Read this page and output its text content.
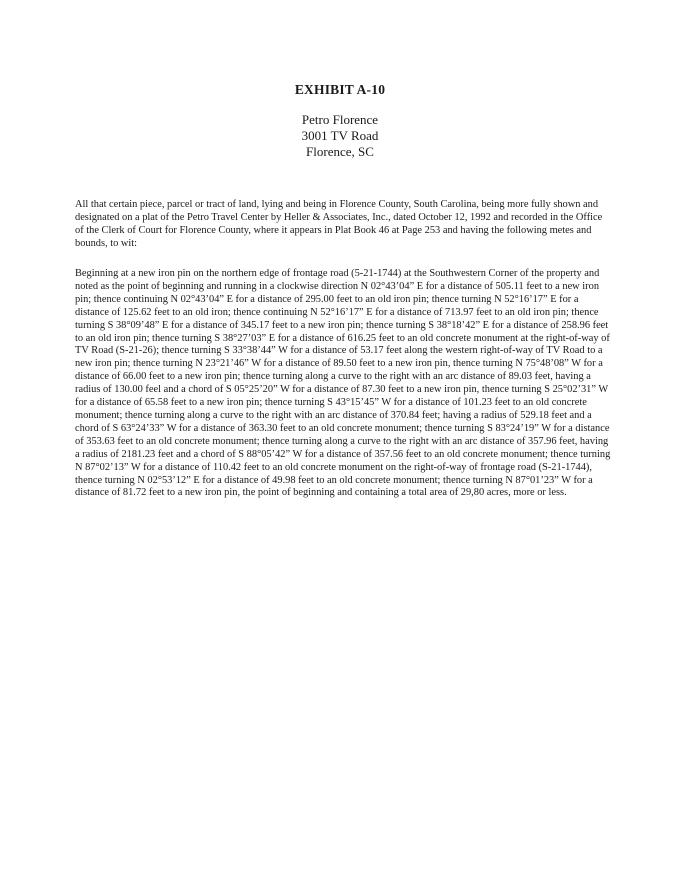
EXHIBIT A-10

Petro Florence

3001 TV Road

Florence, SC

All that certain piece, parcel or tract of land, lying and being in Florence County, South Carolina, being more fully shown and designated on a plat of the Petro Travel Center by Heller & Associates, Inc., dated October 12, 1992 and recorded in the Office of the Clerk of Court for Florence County, where it appears in Plat Book 46 at Page 253 and having the following metes and bounds, to wit:

Beginning at a new iron pin on the northern edge of frontage road (5-21-1744) at the Southwestern Corner of the property and noted as the point of beginning and running in a clockwise direction N 02°43’04” E for a distance of 505.11 feet to a new iron pin; thence continuing N 02°43’04” E for a distance of 295.00 feet to an old iron pin; thence turning N 52°16’17” E for a distance of 125.62 feet to an old iron; thence continuing N 52°16’17” E for a distance of 713.97 feet to an old iron pin; thence turning S 38°09’48” E for a distance of 345.17 feet to a new iron pin; thence turning S 38°18’42” E for a distance of 258.96 feet to an old iron pin; thence turning S 38°27’03” E for a distance of 616.25 feet to an old concrete monument at the right-of-way of TV Road (S-21-26); thence turning S 33°38’44” W for a distance of 53.17 feet along the western right-of-way of TV Road to a new iron pin; thence turning N 23°21’46” W for a distance of 89.50 feet to a new iron pin, thence turning N 75°48’08” W for a distance of 66.00 feet to a new iron pin; thence turning along a curve to the right with an arc distance of 89.03 feet, having a radius of 130.00 feel and a chord of S 05°25’20” W for a distance of 87.30 feet to a new iron pin, thence turning S 25°02’31” W for a distance of 65.58 feet to a new iron pin; thence turning S 43°15’45” W for a distance of 101.23 feet to an old concrete monument; thence turning along a curve to the right with an arc distance of 370.84 feet; having a radius of 529.18 feet and a chord of S 63°24’33” W for a distance of 363.30 feet to an old concrete monument; thence turning S 83°24’19” W for a distance of 353.63 feet to an old concrete monument; thence turning along a curve to the right with an arc distance of 357.96 feet, having a radius of 2181.23 feet and a chord of S 88°05’42” W for a distance of 357.56 feet to an old concrete monument; thence turning N 87°02’13” W for a distance of 110.42 feet to an old concrete monument on the right-of-way of frontage road (S-21-1744), thence turning N 02°53’12” E for a distance of 49.98 feet to an old concrete monument; thence turning N 87°01’23” W for a distance of 81.72 feet to a new iron pin, the point of beginning and containing a total area of 29,80 acres, more or less.
